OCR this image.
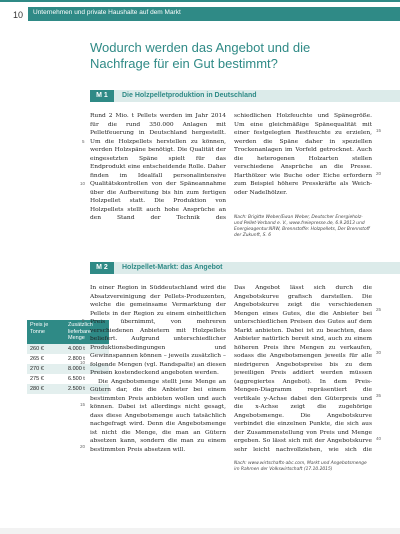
10 Unternehmen und private Haushalte auf dem Markt
Wodurch werden das Angebot und die Nachfrage für ein Gut bestimmt?
M 1	Die Holzpelletproduktion in Deutschland

Rund 2 Mio. t Pellets werden im Jahr 2014 für die rund 350.000 Anlagen mit Pelletfeuerung in Deutschland hergestellt. Um die Holzpellets herstellen zu können, werden Holzspäne benötigt. Die Qualität der eingesetzten Späne spielt für das Endprodukt eine entscheidende Rolle. Daher finden im Idealfall personalintensive Qualitätskontrollen von der Späneannahme über die Aufbereitung bis hin zum fertigen Holzpellet statt. Die Produktion von Holzpellets stellt auch hohe Ansprüche an den Stand der Technik des

schiedlichen Holzfeuchte und Spänegröße. Um eine gleichmäßige Spänequalität mit einer festgelegten Restfeuchte zu erzielen, werden die Späne daher in speziellen Trockenanlagen im Vorfeld getrocknet. Auch die heterogenen Holzarten stellen verschiedene Ansprüche an die Presse. Harthölzer wie Buche oder Eiche erfordern zum Beispiel höhere Presskräfte als Weich- oder Nadelhölzer.

5
10
15
20
Nach: Brigitte Weber/Ewan Weber, Deutscher Energieholz- und Pellet-Verband e. V., www.freiepresse.de, 6.9.2013 und Energieagentur.NRW, Brennstoffe: Holzpellets, Der Brennstoff der Zukunft, S. 6
M 2	Holzpellet-Markt: das Angebot
Preis je Tonne	Zusätzlich lieferbare Menge
260 €	4.000 t
265 €	2.800 t
270 €	8.000 t
275 €	6.500 t
280 €	2.500 t

In einer Region in Süddeutschland wird die Absatzvereinigung der Pellets-Produzenten, welche die gemeinsame Vermarktung der Pellets in der Region zu einem einheitlichen Preis übernimmt, von mehreren verschiedenen Anbietern mit Holzpellets beliefert. Aufgrund unterschiedlicher Produktionsbedingungen und Gewinnspannen können – jeweils zusätzlich – folgende Mengen (vgl. Randspalte) an diesen Preisen kostendeckend angeboten werden.

Die Angebotsmenge stellt jene Menge an Gütern dar, die die Anbieter bei einem bestimmten Preis anbieten wollen und auch können. Dabei ist allerdings nicht gesagt, dass diese Angebotsmenge auch tatsächlich nachgefragt wird. Denn die Angebotsmenge ist nicht die Menge, die man an Gütern absetzen kann, sondern die man zu einem bestimmten Preis absetzen will.

Das Angebot lässt sich durch die Angebotskurve grafisch darstellen. Die Angebotskurve zeigt die verschiedenen Mengen eines Gutes, die die Anbieter bei unterschiedlichen Preisen des Gutes auf dem Markt anbieten. Dabei ist zu beachten, dass Anbieter natürlich bereit sind, auch zu einem höheren Preis ihre Mengen zu verkaufen, sodass die Angebotsmengen jeweils für alle niedrigeren Angebotspreise bis zu dem jeweiligen Preis addiert werden müssen (aggregiertes Angebot). In dem Preis-Mengen-Diagramm repräsentiert die vertikale y-Achse dabei den Güterpreis und die x-Achse zeigt die zugehörige Angebotsmenge. Die Angebotskurve verbindet die einzelnen Punkte, die sich aus der Zusammenstellung von Preis und Menge ergeben. So lässt sich mit der Angebotskurve sehr leicht nachvollziehen, wie sich die

Nach: www.wirtschafts-abc.com, Markt und Angebotsmenge im Rahmen der Volkswirtschaft (17.10.2015)
5
10
15
20
25
30
35
40
